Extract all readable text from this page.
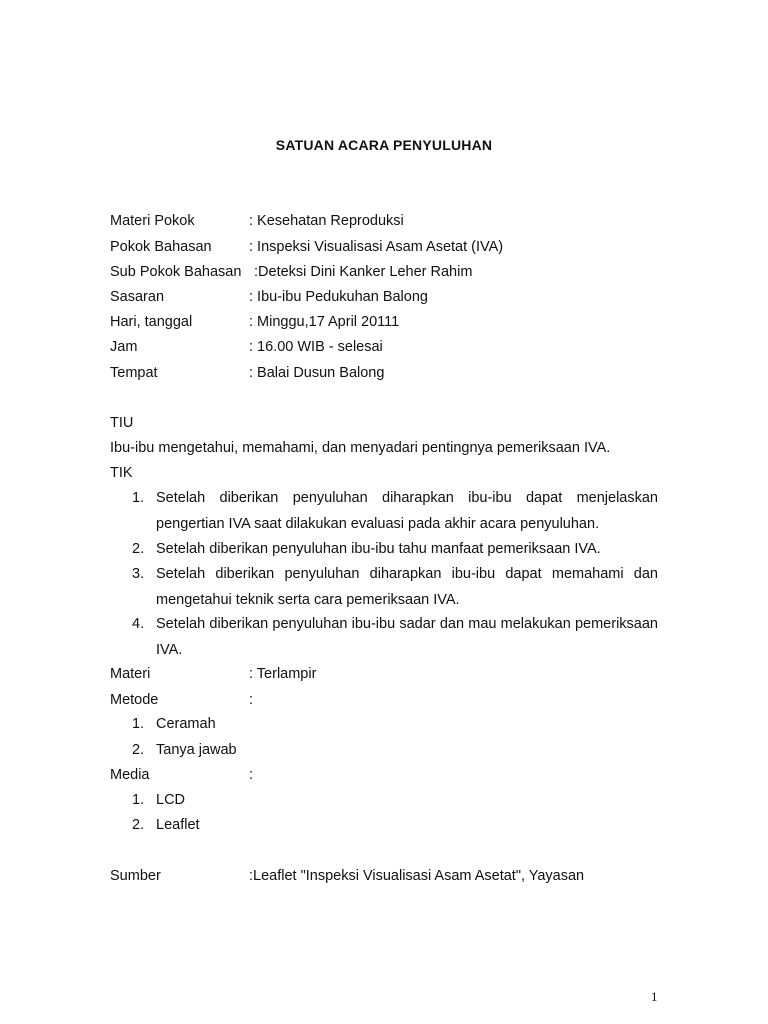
SATUAN ACARA PENYULUHAN
Materi Pokok	: Kesehatan Reproduksi
Pokok Bahasan	: Inspeksi Visualisasi Asam Asetat (IVA)
Sub Pokok Bahasan :Deteksi Dini Kanker Leher Rahim
Sasaran	: Ibu-ibu Pedukuhan Balong
Hari, tanggal	: Minggu,17 April 20111
Jam	: 16.00 WIB - selesai
Tempat	: Balai Dusun Balong
TIU
Ibu-ibu mengetahui, memahami, dan menyadari pentingnya pemeriksaan IVA.
TIK
1. Setelah diberikan penyuluhan diharapkan ibu-ibu dapat menjelaskan pengertian IVA saat dilakukan evaluasi pada akhir acara penyuluhan.
2. Setelah diberikan penyuluhan ibu-ibu tahu manfaat pemeriksaan IVA.
3. Setelah diberikan penyuluhan diharapkan ibu-ibu dapat memahami dan mengetahui teknik serta cara pemeriksaan IVA.
4. Setelah diberikan penyuluhan ibu-ibu sadar dan mau melakukan pemeriksaan IVA.
Materi	: Terlampir
Metode	:
1. Ceramah
2. Tanya jawab
Media	:
1. LCD
2. Leaflet
Sumber	:Leaflet "Inspeksi Visualisasi Asam Asetat", Yayasan
1
